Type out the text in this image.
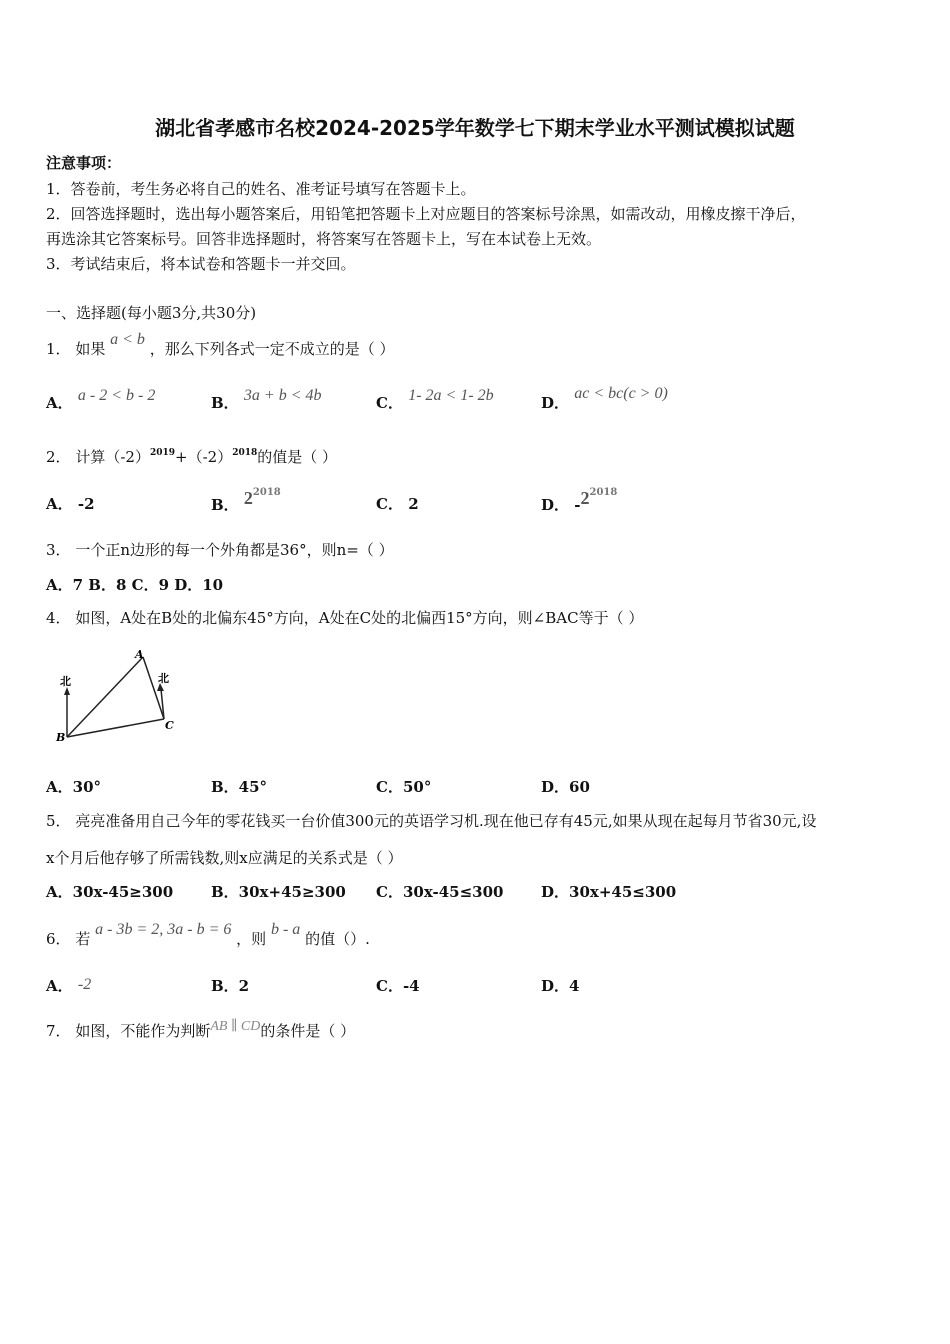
湖北省孝感市名校2024-2025学年数学七下期末学业水平测试模拟试题
注意事项：
1．答卷前，考生务必将自己的姓名、准考证号填写在答题卡上。
2．回答选择题时，选出每小题答案后，用铅笔把答题卡上对应题目的答案标号涂黑，如需改动，用橡皮擦干净后，
再选涂其它答案标号。回答非选择题时，将答案写在答题卡上，写在本试卷上无效。
3．考试结束后，将本试卷和答题卡一并交回。
一、选择题(每小题3分,共30分)
1． 如果 a < b ，那么下列各式一定不成立的是（ ）
A． a - 2 < b - 2	B． 3a + b < 4b	C． 1- 2a < 1- 2b	D． ac < bc(c > 0)
2． 计算$(-2)^{2019}+(-2)^{2018}$的值是（ ）
A． -2	B． $2^{2018}$
C． 2	D． $-2^{2018}$
3． 一个正n边形的每一个外角都是36°，则n=（ ）
A．7 B．8 C．9 D．10
4． 如图，A处在B处的北偏东45°方向，A处在C处的北偏西15°方向，则∠BAC等于（ ）
北	北
A
B
C
A．30°	B．45°	C．50°	D．60
5． 亮亮准备用自己今年的零花钱买一台价值300元的英语学习机.现在他已存有45元,如果从现在起每月节省30元,设
x个月后他存够了所需钱数,则x应满足的关系式是（ ）
A．30x-45≥300	B．30x+45≥300 C．30x-45≤300	D．30x+45≤300
6． 若 a - 3b = 2, 3a - b = 6 ，则 b - a 的值（）.
A． -2	B．2	C．-4	D．4
7． 如图，不能作为判断AB ∥ CD的条件是（ ）
